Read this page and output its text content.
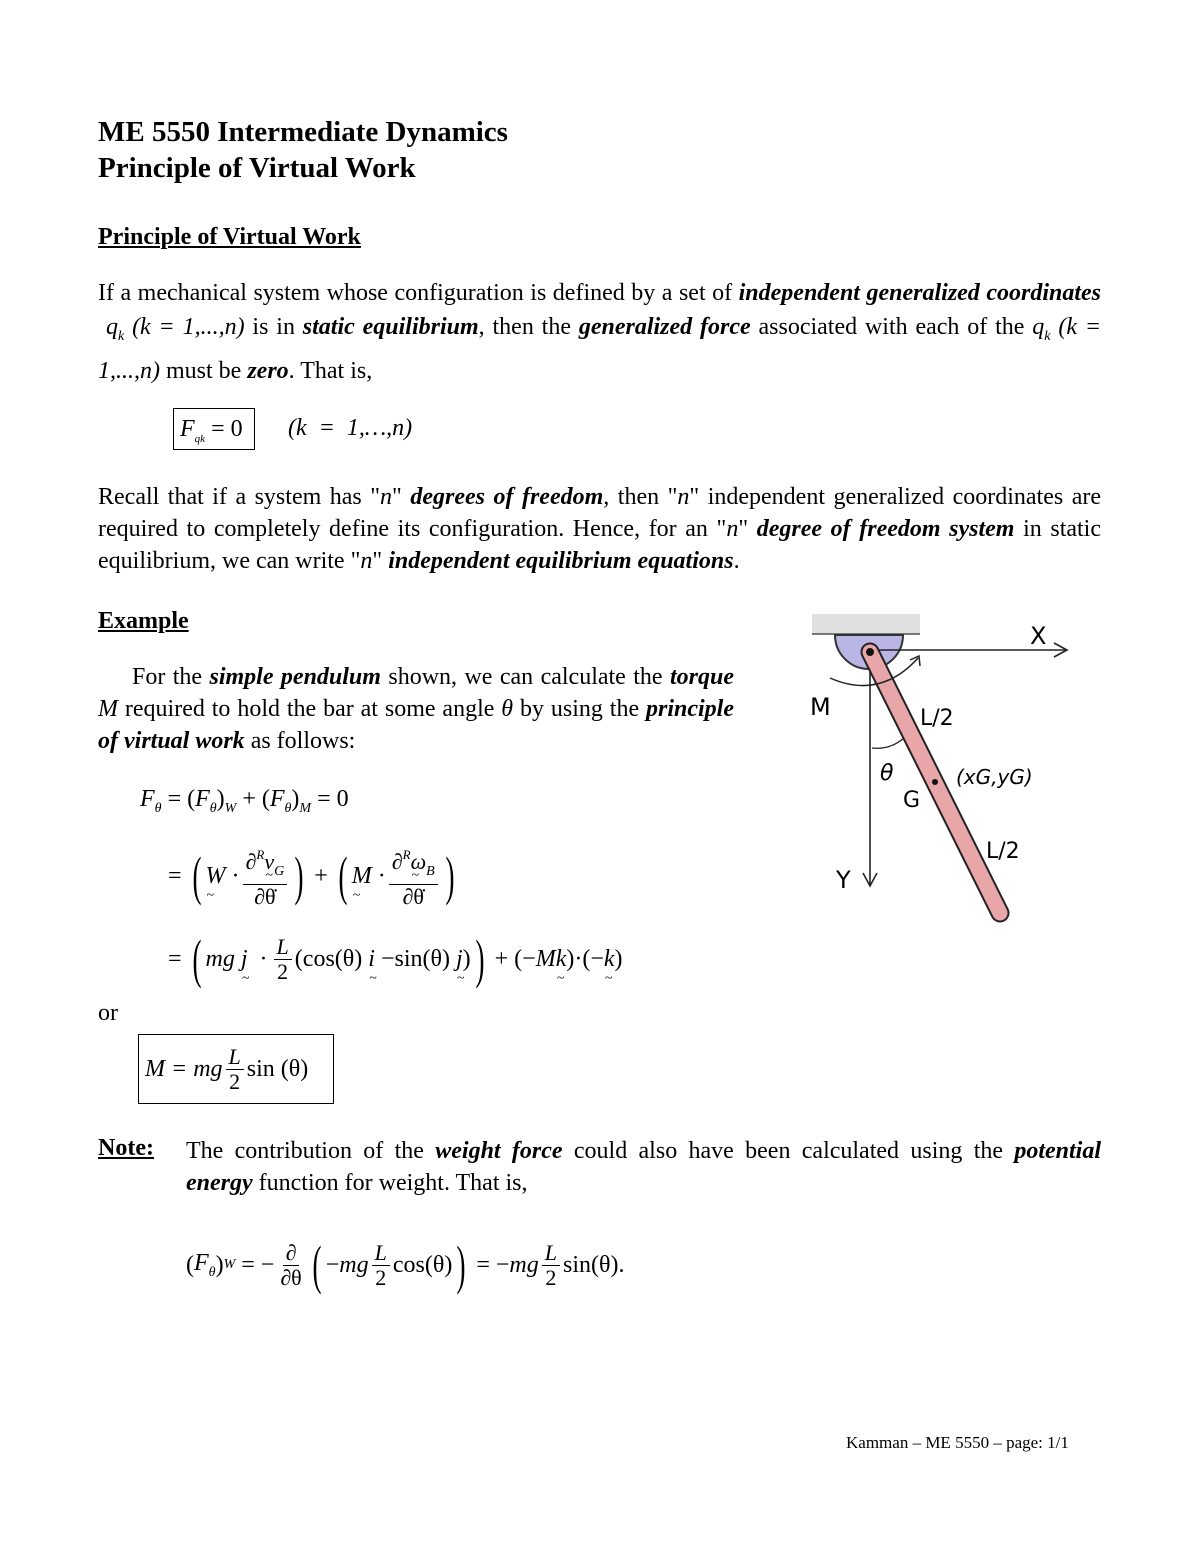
ME 5550 Intermediate Dynamics
Principle of Virtual Work
Principle of Virtual Work
If a mechanical system whose configuration is defined by a set of independent generalized coordinates $q_k$ (k = 1,...,n) is in static equilibrium, then the generalized force associated with each of the $q_k$ (k = 1,...,n) must be zero. That is,
$F_{qk} = 0$	(k  =  1,…,n)
Recall that if a system has "n" degrees of freedom, then "n" independent generalized coordinates are required to completely define its configuration. Hence, for an "n" degree of freedom system in static equilibrium, we can write "n" independent equilibrium equations.
Example
For the simple pendulum shown, we can calculate the torque M required to hold the bar at some angle θ by using the principle of virtual work as follows:
$F_\theta = (F_\theta)_W + (F_\theta)_M = 0$
= ( W ~ · $\frac{\partial^Rv \sim_G}{\partial\thetȧ}$ ) + ( M ~ · $\frac{\partial^R\omega \sim_B}{\partial\thetȧ}$ )
= ( mg
j ~ · $\frac{L}{2} (\cos(\theta)$ i ~ −sin(θ) j ~ ) ) + (− M k ~ )·(− k ~ )
or
M = mg $\frac{L}{2}$ sin (θ)
M
X
Y
θ
G
L/2
L/2
(xG,yG)
Note: The contribution of the weight force could also have been calculated using the potential energy function for weight. That is,
( $F_\theta$ ) W = − $\frac{\partial}{\partial\theta}$ ( − mg $\frac{L}{2} \cos(\theta)$ ) = − mg $\frac{L}{2} \sin(\theta)$.
Kamman – ME 5550 – page: 1/1
